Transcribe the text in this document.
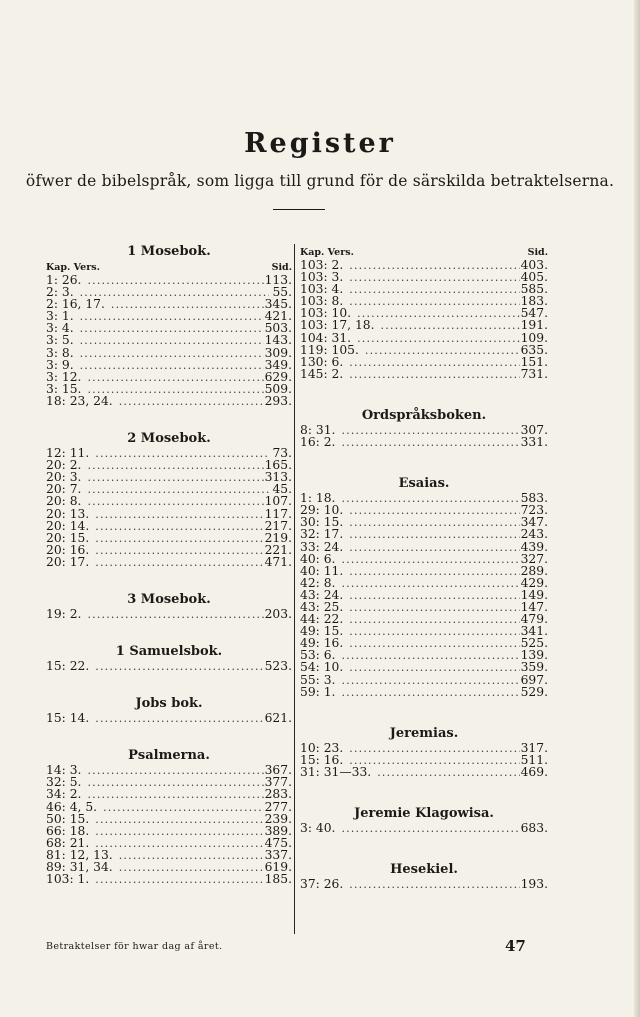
Register
öfwer de bibelspråk, som ligga till grund för de särskilda betraktelserna.
1 Mosebok.
Kap. Vers.	Sid.
1: 26. .....	113.
2: 3. .....	55.
2: 16, 17. .....	345.
3: 1. .....	421.
3: 4. .....	503.
3: 5. .....	143.
3: 8. .....	309.
3: 9. .....	349.
3: 12. .....	629.
3: 15. .....	509.
18: 23, 24. .....	293.
2 Mosebok.
12: 11. .....	73.
20: 2. .....	165.
20: 3. .....	313.
20: 7. .....	45.
20: 8. .....	107.
20: 13. .....	117.
20: 14. .....	217.
20: 15. .....	219.
20: 16. .....	221.
20: 17. .....	471.
3 Mosebok.
19: 2. .....	203.
1 Samuelsbok.
15: 22. .....	523.
Jobs bok.
15: 14. .....	621.
Psalmerna.
14: 3. .....	367.
32: 5. .....	377.
34: 2. .....	283.
46: 4, 5. .....	277.
50: 15. .....	239.
66: 18. .....	389.
68: 21. .....	475.
81: 12, 13. .....	337.
89: 31, 34. .....	619.
103: 1. .....	185.
Kap. Vers.	Sid.
103: 2. .....	403.
103: 3. .....	405.
103: 4. .....	585.
103: 8. .....	183.
103: 10. .....	547.
103: 17, 18. .....	191.
104: 31. .....	109.
119: 105. .....	635.
130: 6. .....	151.
145: 2. .....	731.
Ordspråksboken.
8: 31. .....	307.
16: 2. .....	331.
Esaias.
1: 18. .....	583.
29: 10. .....	723.
30: 15. .....	347.
32: 17. .....	243.
33: 24. .....	439.
40: 6. .....	327.
40: 11. .....	289.
42: 8. .....	429.
43: 24. .....	149.
43: 25. .....	147.
44: 22. .....	479.
49: 15. .....	341.
49: 16. .....	525.
53: 6. .....	139.
54: 10. .....	359.
55: 3. .....	697.
59: 1. .....	529.
Jeremias.
10: 23. .....	317.
15: 16. .....	511.
31: 31—33. .....	469.
Jeremie Klagowisa.
3: 40. .....	683.
Hesekiel.
37: 26. .....	193.
Betraktelser för hwar dag af året.	47
